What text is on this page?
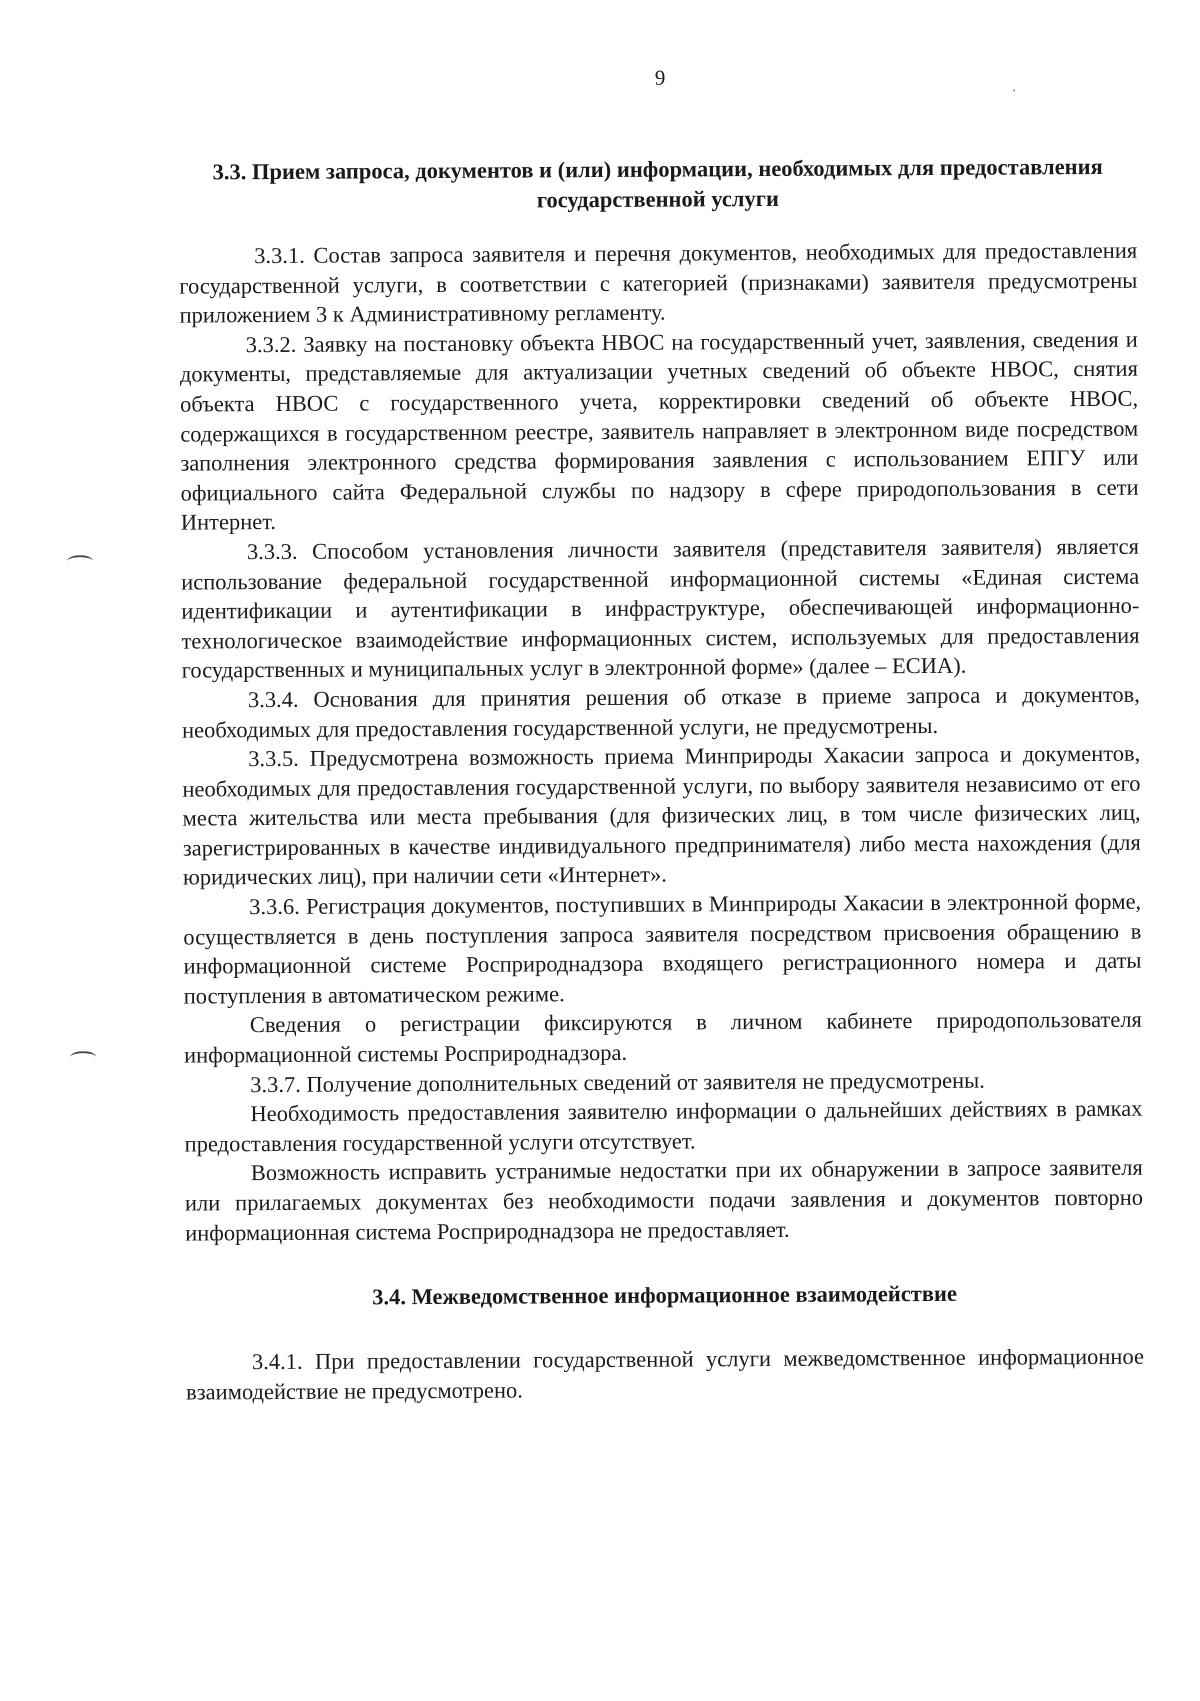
9
3.3. Прием запроса, документов и (или) информации, необходимых для предоставления государственной услуги

3.3.1. Состав запроса заявителя и перечня документов, необходимых для предоставления государственной услуги, в соответствии с категорией (признаками) заявителя предусмотрены приложением 3 к Административному регламенту.

3.3.2. Заявку на постановку объекта НВОС на государственный учет, заявления, сведения и документы, представляемые для актуализации учетных сведений об объекте НВОС, снятия объекта НВОС с государственного учета, корректировки сведений об объекте НВОС, содержащихся в государственном реестре, заявитель направляет в электронном виде посредством заполнения электронного средства формирования заявления с использованием ЕПГУ или официального сайта Федеральной службы по надзору в сфере природопользования в сети Интернет.

3.3.3. Способом установления личности заявителя (представителя заявителя) является использование федеральной государственной информационной системы «Единая система идентификации и аутентификации в инфраструктуре, обеспечивающей информационно-технологическое взаимодействие информационных систем, используемых для предоставления государственных и муниципальных услуг в электронной форме» (далее – ЕСИА).

3.3.4. Основания для принятия решения об отказе в приеме запроса и документов, необходимых для предоставления государственной услуги, не предусмотрены.

3.3.5. Предусмотрена возможность приема Минприроды Хакасии запроса и документов, необходимых для предоставления государственной услуги, по выбору заявителя независимо от его места жительства или места пребывания (для физических лиц, в том числе физических лиц, зарегистрированных в качестве индивидуального предпринимателя) либо места нахождения (для юридических лиц), при наличии сети «Интернет».

3.3.6. Регистрация документов, поступивших в Минприроды Хакасии в электронной форме, осуществляется в день поступления запроса заявителя посредством присвоения обращению в информационной системе Росприроднадзора входящего регистрационного номера и даты поступления в автоматическом режиме.

Сведения о регистрации фиксируются в личном кабинете природопользователя информационной системы Росприроднадзора.

3.3.7. Получение дополнительных сведений от заявителя не предусмотрены.

Необходимость предоставления заявителю информации о дальнейших действиях в рамках предоставления государственной услуги отсутствует.

Возможность исправить устранимые недостатки при их обнаружении в запросе заявителя или прилагаемых документах без необходимости подачи заявления и документов повторно информационная система Росприроднадзора не предоставляет.

3.4. Межведомственное информационное взаимодействие

3.4.1. При предоставлении государственной услуги межведомственное информационное взаимодействие не предусмотрено.
